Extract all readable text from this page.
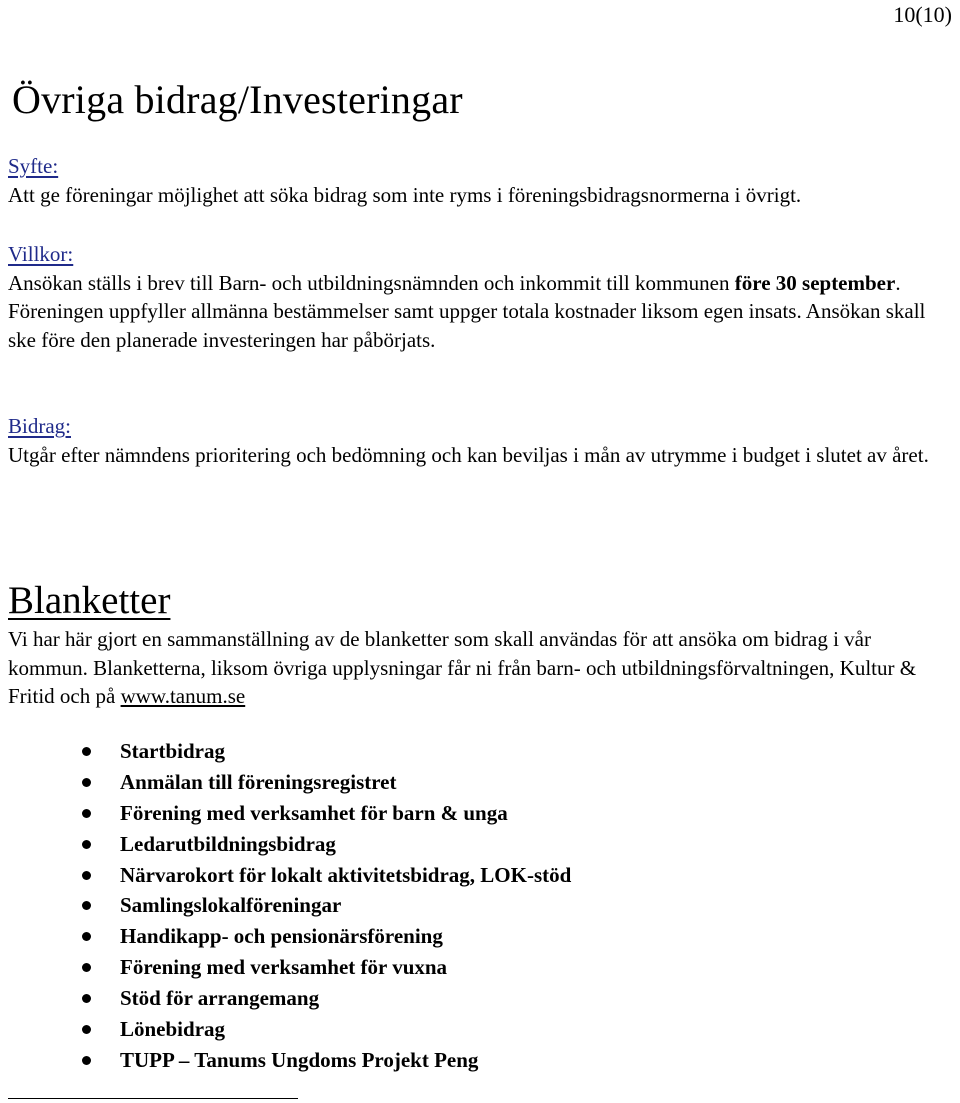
10(10)
Övriga bidrag/Investeringar
Syfte:
Att ge föreningar möjlighet att söka bidrag som inte ryms i föreningsbidragsnormerna i övrigt.
Villkor:
Ansökan ställs i brev till Barn- och utbildningsnämnden och inkommit till kommunen före 30 september.
Föreningen uppfyller allmänna bestämmelser samt uppger totala kostnader liksom egen insats. Ansökan skall ske före den planerade investeringen har påbörjats.
Bidrag:
Utgår efter nämndens prioritering och bedömning och kan beviljas i mån av utrymme i budget i slutet av året.
Blanketter
Vi har här gjort en sammanställning av de blanketter som skall användas för att ansöka om bidrag i vår kommun. Blanketterna, liksom övriga upplysningar får ni från barn- och utbildningsförvaltningen, Kultur & Fritid och på www.tanum.se
Startbidrag
Anmälan till föreningsregistret
Förening med verksamhet för barn & unga
Ledarutbildningsbidrag
Närvarokort för lokalt aktivitetsbidrag, LOK-stöd
Samlingslokalföreningar
Handikapp- och pensionärsförening
Förening med verksamhet för vuxna
Stöd för arrangemang
Lönebidrag
TUPP – Tanums Ungdoms Projekt Peng
